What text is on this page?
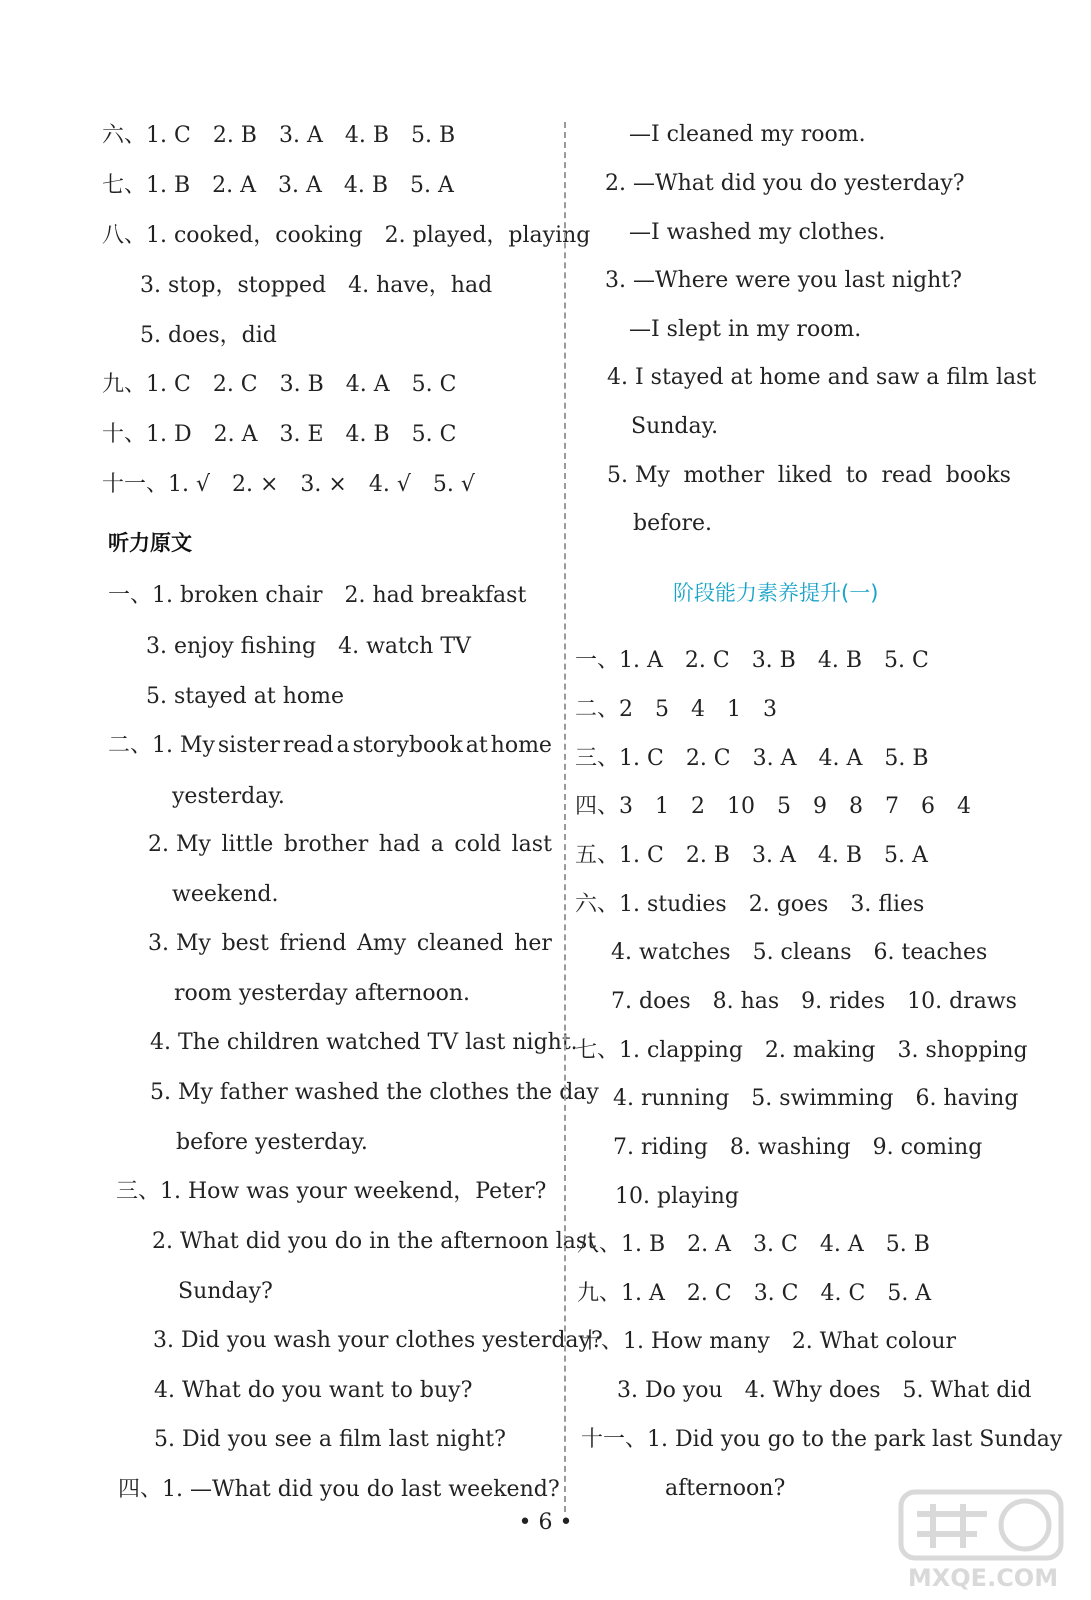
六、1. C　2. B　3. A　4. B　5. B
七、1. B　2. A　3. A　4. B　5. A
八、1. cooked，cooking　2. played，playing
3. stop，stopped　4. have，had
5. does，did
九、1. C　2. C　3. B　4. A　5. C
十、1. D　2. A　3. E　4. B　5. C
十一、1. √　2. ×　3. ×　4. √　5. √
听力原文
一、1. broken chair　2. had breakfast
3. enjoy fishing　4. watch TV
5. stayed at home
二、1. My sister read a storybook at home
yesterday.
2. My little brother had a cold last
weekend.
3. My best friend Amy cleaned her
room yesterday afternoon.
4. The children watched TV last night.
5. My father washed the clothes the day
before yesterday.
三、1. How was your weekend，Peter?
2. What did you do in the afternoon last
Sunday?
3. Did you wash your clothes yesterday?
4. What do you want to buy?
5. Did you see a film last night?
四、1. —What did you do last weekend?
—I cleaned my room.
2. —What did you do yesterday?
—I washed my clothes.
3. —Where were you last night?
—I slept in my room.
4. I stayed at home and saw a film last
Sunday.
5. My mother liked to read books
before.
阶段能力素养提升(一)
一、1. A　2. C　3. B　4. B　5. C
二、2　5　4　1　3
三、1. C　2. C　3. A　4. A　5. B
四、3　1　2　10　5　9　8　7　6　4
五、1. C　2. B　3. A　4. B　5. A
六、1. studies　2. goes　3. flies
4. watches　5. cleans　6. teaches
7. does　8. has　9. rides　10. draws
七、1. clapping　2. making　3. shopping
4. running　5. swimming　6. having
7. riding　8. washing　9. coming
10. playing
八、1. B　2. A　3. C　4. A　5. B
九、1. A　2. C　3. C　4. C　5. A
十、1. How many　2. What colour
3. Do you　4. Why does　5. What did
十一、1. Did you go to the park last Sunday
afternoon?
• 6 •
MXQE.COM
